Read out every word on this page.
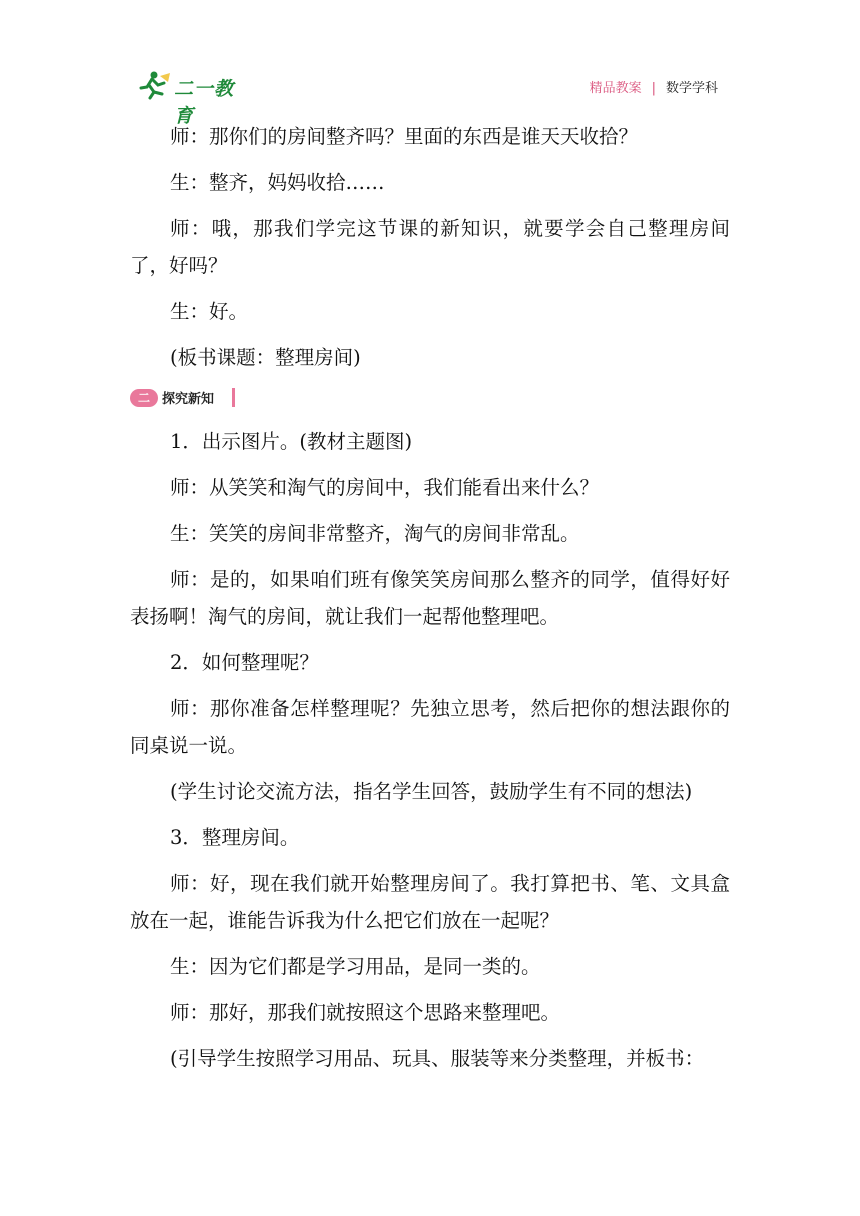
二一教育
精品教案 | 数学学科

师：那你们的房间整齐吗？里面的东西是谁天天收拾？

生：整齐，妈妈收拾……

师：哦，那我们学完这节课的新知识，就要学会自己整理房间了，好吗？

生：好。

(板书课题：整理房间)

二 探究新知

1．出示图片。(教材主题图)

师：从笑笑和淘气的房间中，我们能看出来什么？

生：笑笑的房间非常整齐，淘气的房间非常乱。

师：是的，如果咱们班有像笑笑房间那么整齐的同学，值得好好表扬啊！淘气的房间，就让我们一起帮他整理吧。

2．如何整理呢？

师：那你准备怎样整理呢？先独立思考，然后把你的想法跟你的同桌说一说。

(学生讨论交流方法，指名学生回答，鼓励学生有不同的想法)

3．整理房间。

师：好，现在我们就开始整理房间了。我打算把书、笔、文具盒放在一起，谁能告诉我为什么把它们放在一起呢？

生：因为它们都是学习用品，是同一类的。

师：那好，那我们就按照这个思路来整理吧。

(引导学生按照学习用品、玩具、服装等来分类整理，并板书：
